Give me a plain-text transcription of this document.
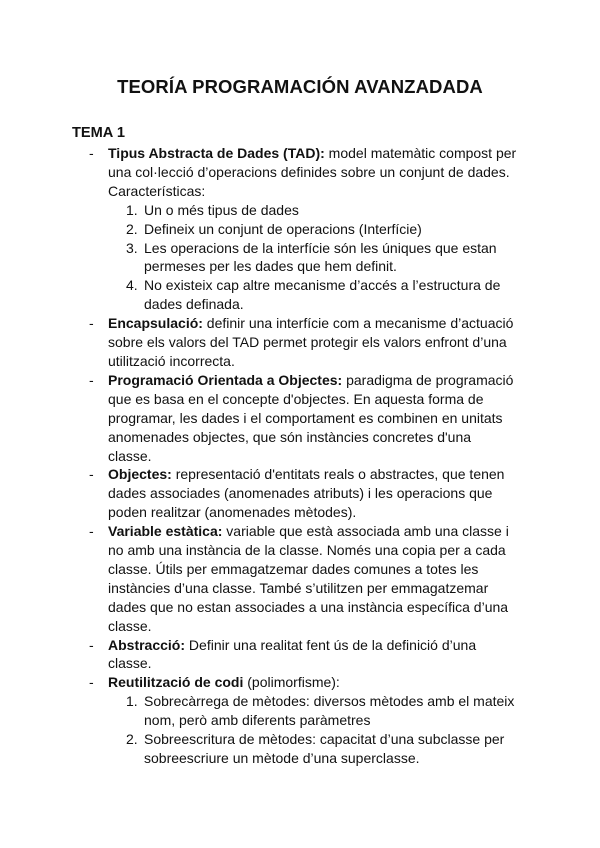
TEORÍA PROGRAMACIÓN AVANZADADA
TEMA 1
- Tipus Abstracta de Dades (TAD): model matemàtic compost per una col·lecció d’operacions definides sobre un conjunt de dades. Características:
1. Un o més tipus de dades
2. Defineix un conjunt de operacions (Interfície)
3. Les operacions de la interfície són les úniques que estan permeses per les dades que hem definit.
4. No existeix cap altre mecanisme d’accés a l’estructura de dades definada.
- Encapsulació: definir una interfície com a mecanisme d’actuació sobre els valors del TAD permet protegir els valors enfront d’una utilització incorrecta.
- Programació Orientada a Objectes: paradigma de programació que es basa en el concepte d'objectes. En aquesta forma de programar, les dades i el comportament es combinen en unitats anomenades objectes, que són instàncies concretes d'una classe.
- Objectes: representació d'entitats reals o abstractes, que tenen dades associades (anomenades atributs) i les operacions que poden realitzar (anomenades mètodes).
- Variable estàtica: variable que està associada amb una classe i no amb una instància de la classe. Només una copia per a cada classe. Útils per emmagatzemar dades comunes a totes les instàncies d’una classe. També s’utilitzen per emmagatzemar dades que no estan associades a una instància específica d’una classe.
- Abstracció: Definir una realitat fent ús de la definició d’una classe.
- Reutilització de codi (polimorfisme):
1. Sobrecàrrega de mètodes: diversos mètodes amb el mateix nom, però amb diferents paràmetres
2. Sobreescritura de mètodes: capacitat d’una subclasse per sobreescriure un mètode d’una superclasse.
